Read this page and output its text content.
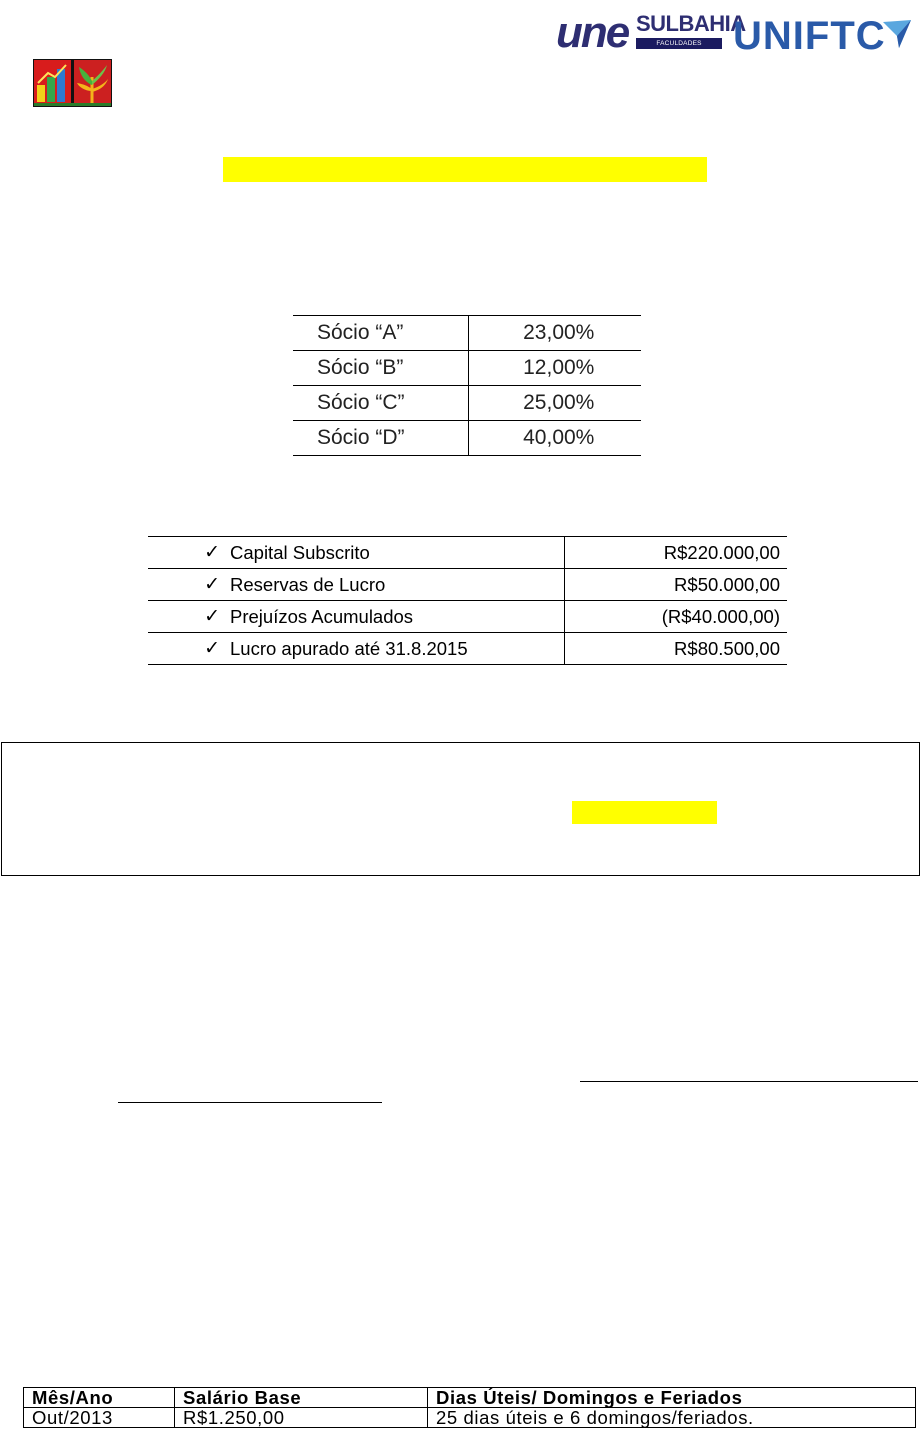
une SULBAHIA
FACULDADES INTEGRADAS UNIFTC
Sócio “A”	23,00%
Sócio “B”	12,00%
Sócio “C”	25,00%
Sócio “D”	40,00%
✓	Capital Subscrito	R$220.000,00
✓	Reservas de Lucro	R$50.000,00
✓	Prejuízos Acumulados	(R$40.000,00)
✓	Lucro apurado até 31.8.2015	R$80.500,00
Mês/Ano	Salário Base	Dias Úteis/ Domingos e Feriados
Out/2013	R$1.250,00	25 dias úteis e 6 domingos/feriados.
